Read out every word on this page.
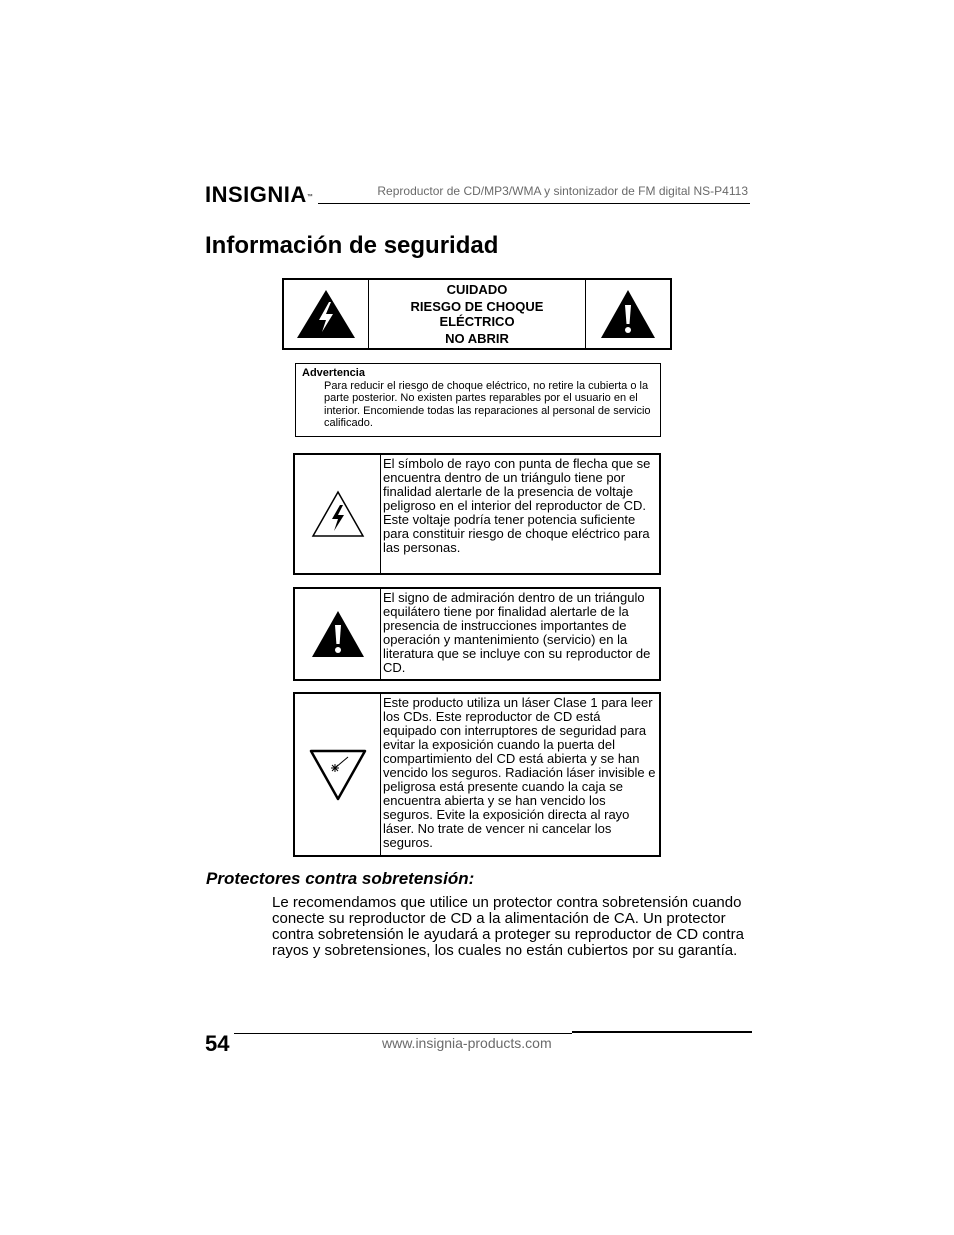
INSIGNIA™	Reproductor de CD/MP3/WMA y sintonizador de FM digital NS-P4113
Información de seguridad
CUIDADO
RIESGO DE CHOQUE
ELÉCTRICO
NO ABRIR
Advertencia

Para reducir el riesgo de choque eléctrico, no retire la cubierta o la parte posterior. No existen partes reparables por el usuario en el interior. Encomiende todas las reparaciones al personal de servicio calificado.

El símbolo de rayo con punta de flecha que se encuentra dentro de un triángulo tiene por finalidad alertarle de la presencia de voltaje peligroso en el interior del reproductor de CD. Este voltaje podría tener potencia suficiente para constituir riesgo de choque eléctrico para las personas.
El signo de admiración dentro de un triángulo equilátero tiene por finalidad alertarle de la presencia de instrucciones importantes de operación y mantenimiento (servicio) en la literatura que se incluye con su reproductor de CD.
Este producto utiliza un láser Clase 1 para leer los CDs. Este reproductor de CD está equipado con interruptores de seguridad para evitar la exposición cuando la puerta del compartimiento del CD está abierta y se han vencido los seguros. Radiación láser invisible e peligrosa está presente cuando la caja se encuentra abierta y se han vencido los seguros. Evite la exposición directa al rayo láser. No trate de vencer ni cancelar los seguros.
Protectores contra sobretensión:

Le recomendamos que utilice un protector contra sobretensión cuando conecte su reproductor de CD a la alimentación de CA. Un protector contra sobretensión le ayudará a proteger su reproductor de CD contra rayos y sobretensiones, los cuales no están cubiertos por su garantía.

54	www.insignia-products.com
